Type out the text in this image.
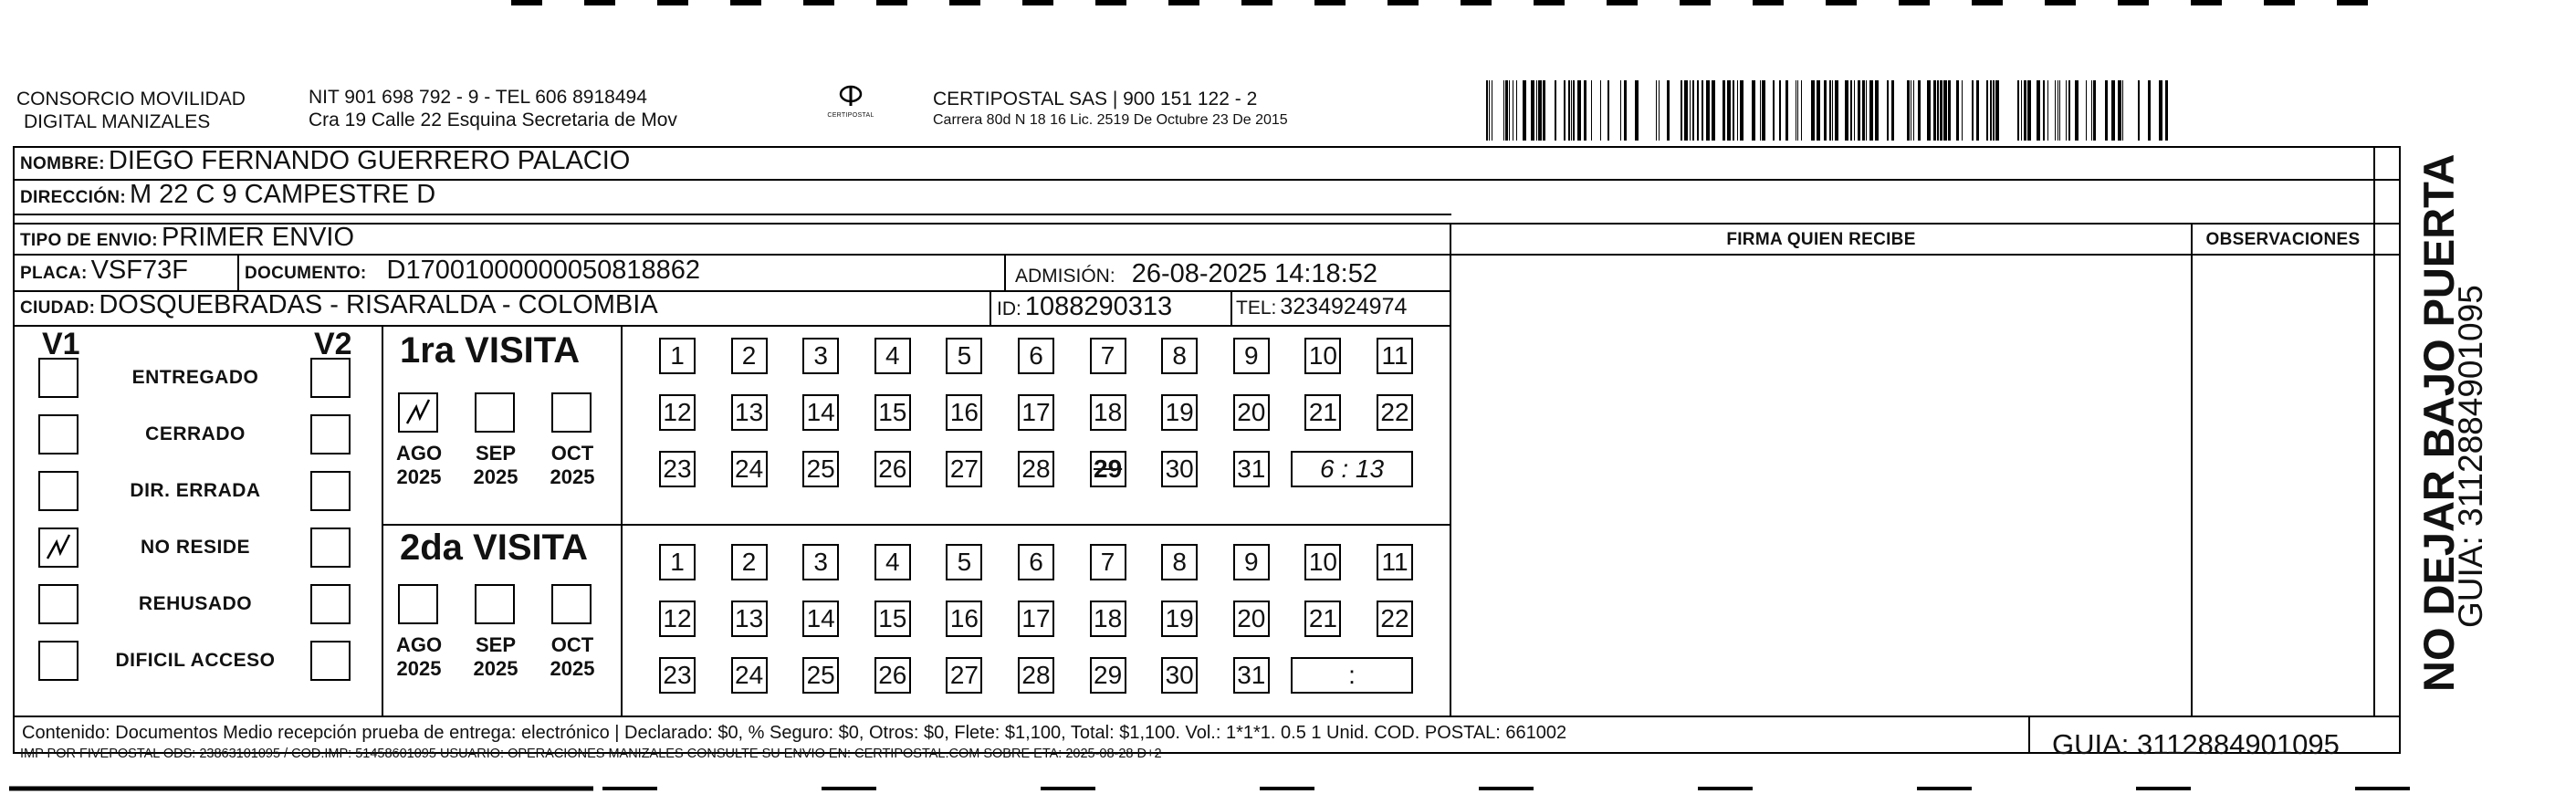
CONSORCIO MOVILIDAD
DIGITAL MANIZALES
NIT 901 698 792 - 9 - TEL 606 8918494
Cra 19 Calle 22 Esquina Secretaria de Mov	CERTIPOSTAL
CERTIPOSTAL SAS | 900 151 122 - 2
Carrera 80d N 18 16 Lic. 2519 De Octubre 23 De 2015
NOMBRE: DIEGO FERNANDO GUERRERO PALACIO
DIRECCIÓN: M 22 C 9 CAMPESTRE D
TIPO DE ENVIO: PRIMER ENVIO	FIRMA QUIEN RECIBE	OBSERVACIONES
PLACA: VSF73F	DOCUMENTO: D17001000000050818862	ADMISIÓN: 26-08-2025 14:18:52
CIUDAD: DOSQUEBRADAS - RISARALDA - COLOMBIA	ID: 1088290313	TEL: 3234924974
V1	V2 1ra VISITA
2da VISITA
Contenido: Documentos Medio recepción prueba de entrega: electrónico | Declarado: $0, % Seguro: $0, Otros: $0, Flete: $1,100, Total: $1,100. Vol.: 1*1*1. 0.5 1 Unid. COD. POSTAL: 661002
IMP POR FIVEPOSTAL ODS: 23863101095 / COD.IMP: 51458601095 USUARIO: OPERACIONES MANIZALES CONSULTE SU ENVIO EN: CERTIPOSTAL.COM SOBRE ETA: 2025-08-28 D+2	GUIA: 3112884901095
NO DEJAR BAJO PUERTA
GUIA: 3112884901095
ENTREGADO
CERRADO
DIR. ERRADA
NO RESIDE
REHUSADO
DIFICIL ACCESO
AGO
2025
SEP
2025
OCT
2025
AGO
2025
SEP
2025
OCT
2025
1	2	3	4	5	6	7	8	9	10 11
12 13 14 15 16 17 18 19 20 21 22
23 24 25 26 27 28 29 30 31	6 : 13
1	2	3	4	5	6	7	8	9	10 11
12 13 14 15 16 17 18 19 20 21 22
23 24 25 26 27 28 29 30 31	:
